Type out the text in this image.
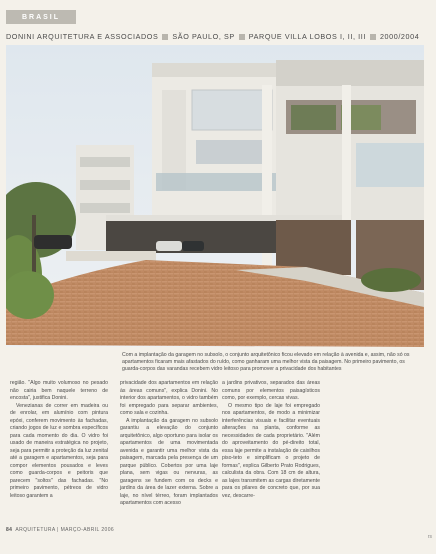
BRASIL
DONINI ARQUITETURA E ASSOCIADOS SÃO PAULO, SP PARQUE VILLA LOBOS I, II, III 2000/2004
Com a implantação da garagem no subsolo, o conjunto arquitetônico ficou elevado em relação à avenida e, assim, não só os apartamentos ficaram mais afastados do ruído, como ganharam uma melhor vista da paisagem. No primeiro pavimento, os guarda-corpos das varandas recebem vidro leitoso para promover a privacidade dos habitantes

região. "Algo muito volumoso no pesado não cairia bem naquele terreno de encosta", justifica Donini.

Venezianas de correr em madeira ou de enrolar, em alumínio com pintura epóxi, conferem movimento às fachadas, criando jogos de luz e sombra específicos para cada momento do dia. O vidro foi usado de maneira estratégica no projeto, seja para permitir a proteção da luz zenital até a garagem e apartamentos, seja para compor elementos pousados e leves como guarda-corpos e peitoris que parecem "soltos" das fachadas. "No primeiro pavimento, pétreos de vidro leitoso garantem a

privacidade dos apartamentos em relação às áreas comuns", explica Donini. No interior dos apartamentos, o vidro também foi empregado para separar ambientes, como sala e cozinha.

A implantação da garagem no subsolo garantiu a elevação do conjunto arquitetônico, algo oportuno para isolar os apartamentos de uma movimentada avenida e garantir uma melhor vista da paisagem, marcada pela presença de um parque público. Cobertos por uma laje plana, sem vigas ou nervuras, as garagens se fundem com os decks e jardins da área de lazer externa. Sobre a laje, no nível térreo, foram implantados apartamentos com acesso

a jardins privativos, separados das áreas comuns por elementos paisagísticos como, por exemplo, cercas vivas.

O mesmo tipo de laje foi empregado nos apartamentos, de modo a minimizar interferências visuais e facilitar eventuais alterações na planta, conforme as necessidades de cada proprietário. "Além do aproveitamento do pé-direito total, essa laje permite a instalação de caixilhos piso-teto e simplificam o projeto de formas", explica Gilberto Prato Rodrigues, calculista da obra. Com 18 cm de altura, as lajes transmitem as cargas diretamente para os pilares de concreto que, por sua vez, descarre-

84 ARQUITETURA | MARÇO-ABRIL 2006
rs
